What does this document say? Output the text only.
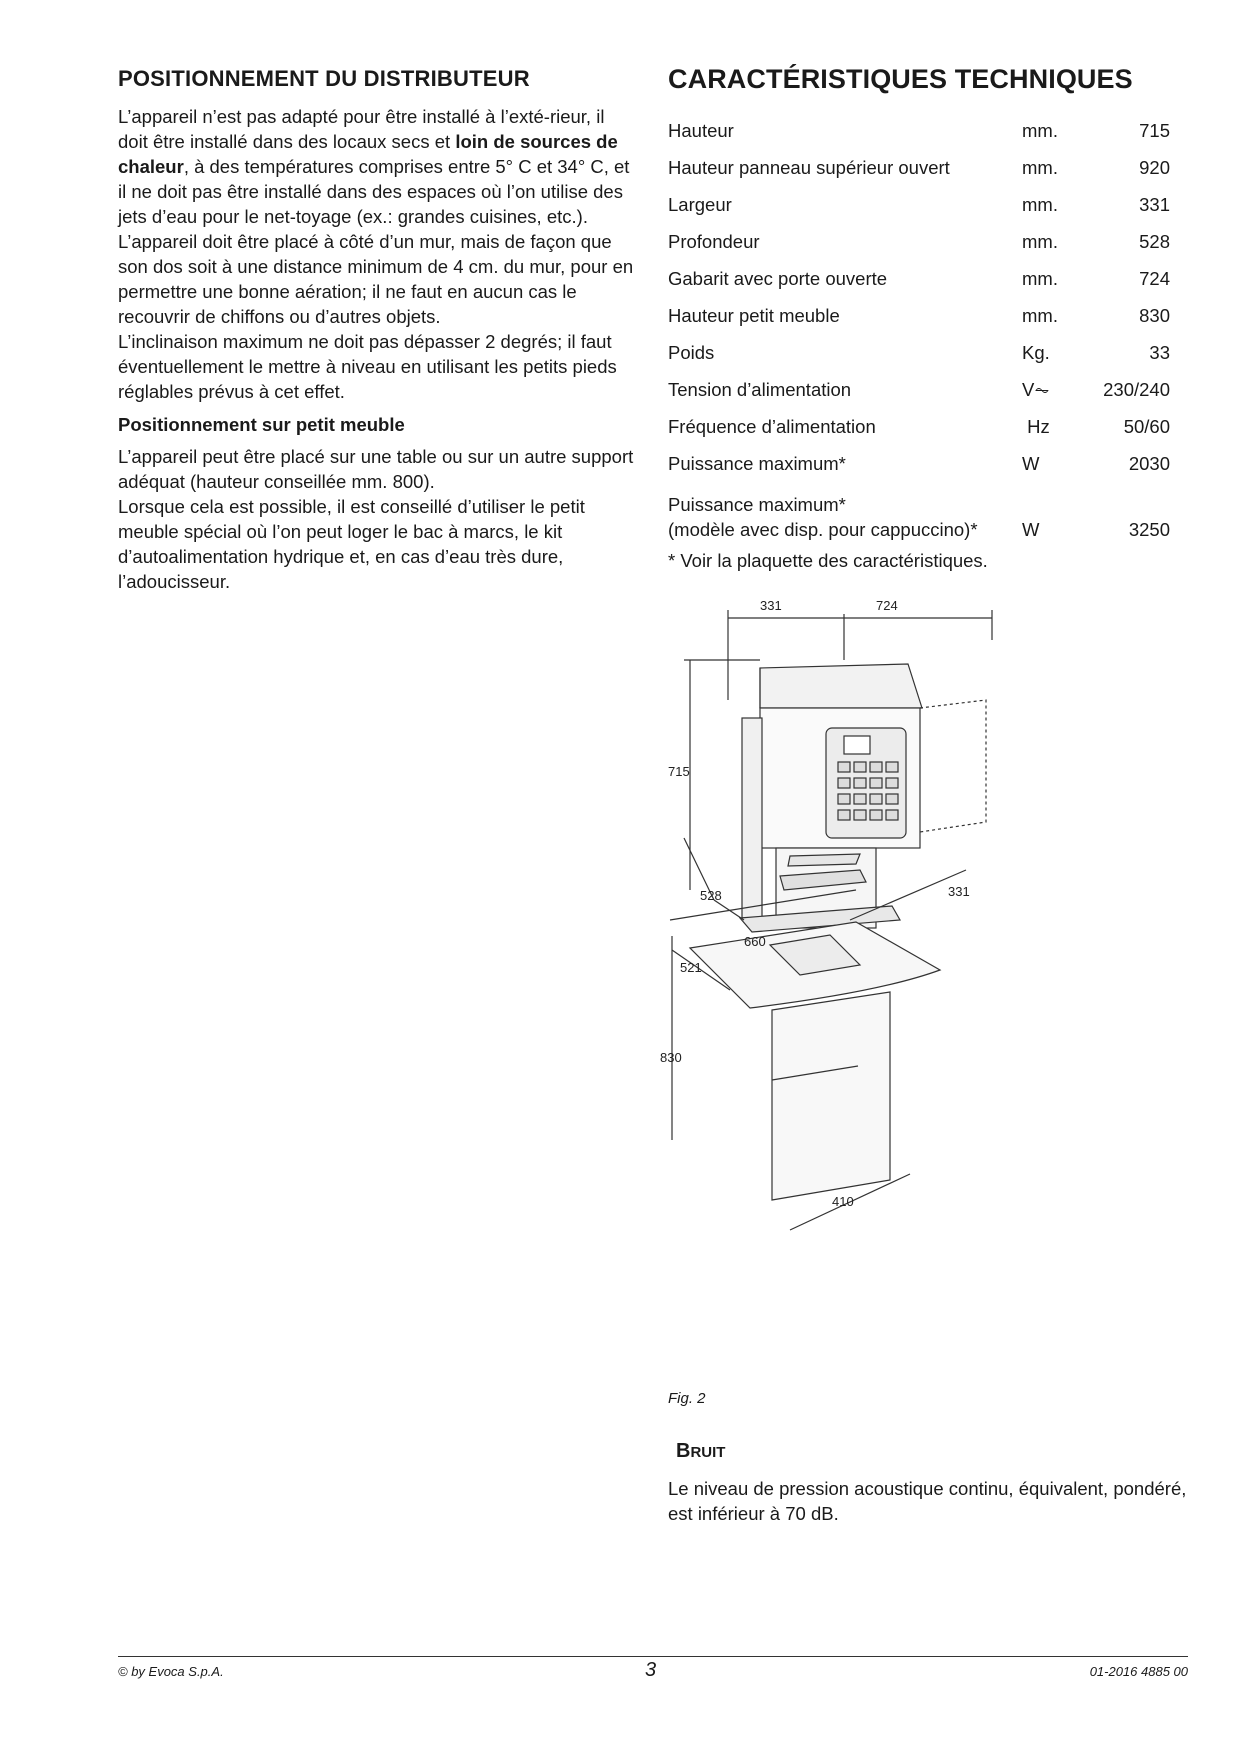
POSITIONNEMENT DU DISTRIBUTEUR

L’appareil n’est pas adapté pour être installé à l’exté-rieur, il doit être installé dans des locaux secs et loin de sources de chaleur, à des températures comprises entre 5° C et 34° C, et il ne doit pas être installé dans des espaces où l’on utilise des jets d’eau pour le net-toyage (ex.: grandes cuisines, etc.).

L’appareil doit être placé à côté d’un mur, mais de façon que son dos soit à une distance minimum de 4 cm. du mur, pour en permettre une bonne aération; il ne faut en aucun cas le recouvrir de chiffons ou d’autres objets.

L’inclinaison maximum ne doit pas dépasser 2 degrés; il faut éventuellement le mettre à niveau en utilisant les petits pieds réglables prévus à cet effet.

Positionnement sur petit meuble

L’appareil peut être placé sur une table ou sur un autre support adéquat (hauteur conseillée mm. 800).

Lorsque cela est possible, il est conseillé d’utiliser le petit meuble spécial où l’on peut loger le bac à marcs, le kit d’autoalimentation hydrique et, en cas d’eau très dure, l’adoucisseur.

CARACTÉRISTIQUES TECHNIQUES
Hauteur	mm.	715
Hauteur panneau supérieur ouvert	mm.	920
Largeur	mm.	331
Profondeur	mm.	528
Gabarit avec porte ouverte	mm.	724
Hauteur petit meuble	mm.	830
Poids	Kg.	33
Tension d’alimentation	V⏦	230/240
Fréquence d’alimentation	Hz	50/60
Puissance maximum*	W	2030

Puissance maximum*
(modèle avec disp. pour cappuccino)*	W	3250
* Voir la plaquette des caractéristiques.
331	724
715
528	331
660
521
830
410
Fig. 2
BRUIT
Le niveau de pression acoustique continu, équivalent, pondéré, est inférieur à 70 dB.
© by Evoca S.p.A.	3	01-2016 4885 00
